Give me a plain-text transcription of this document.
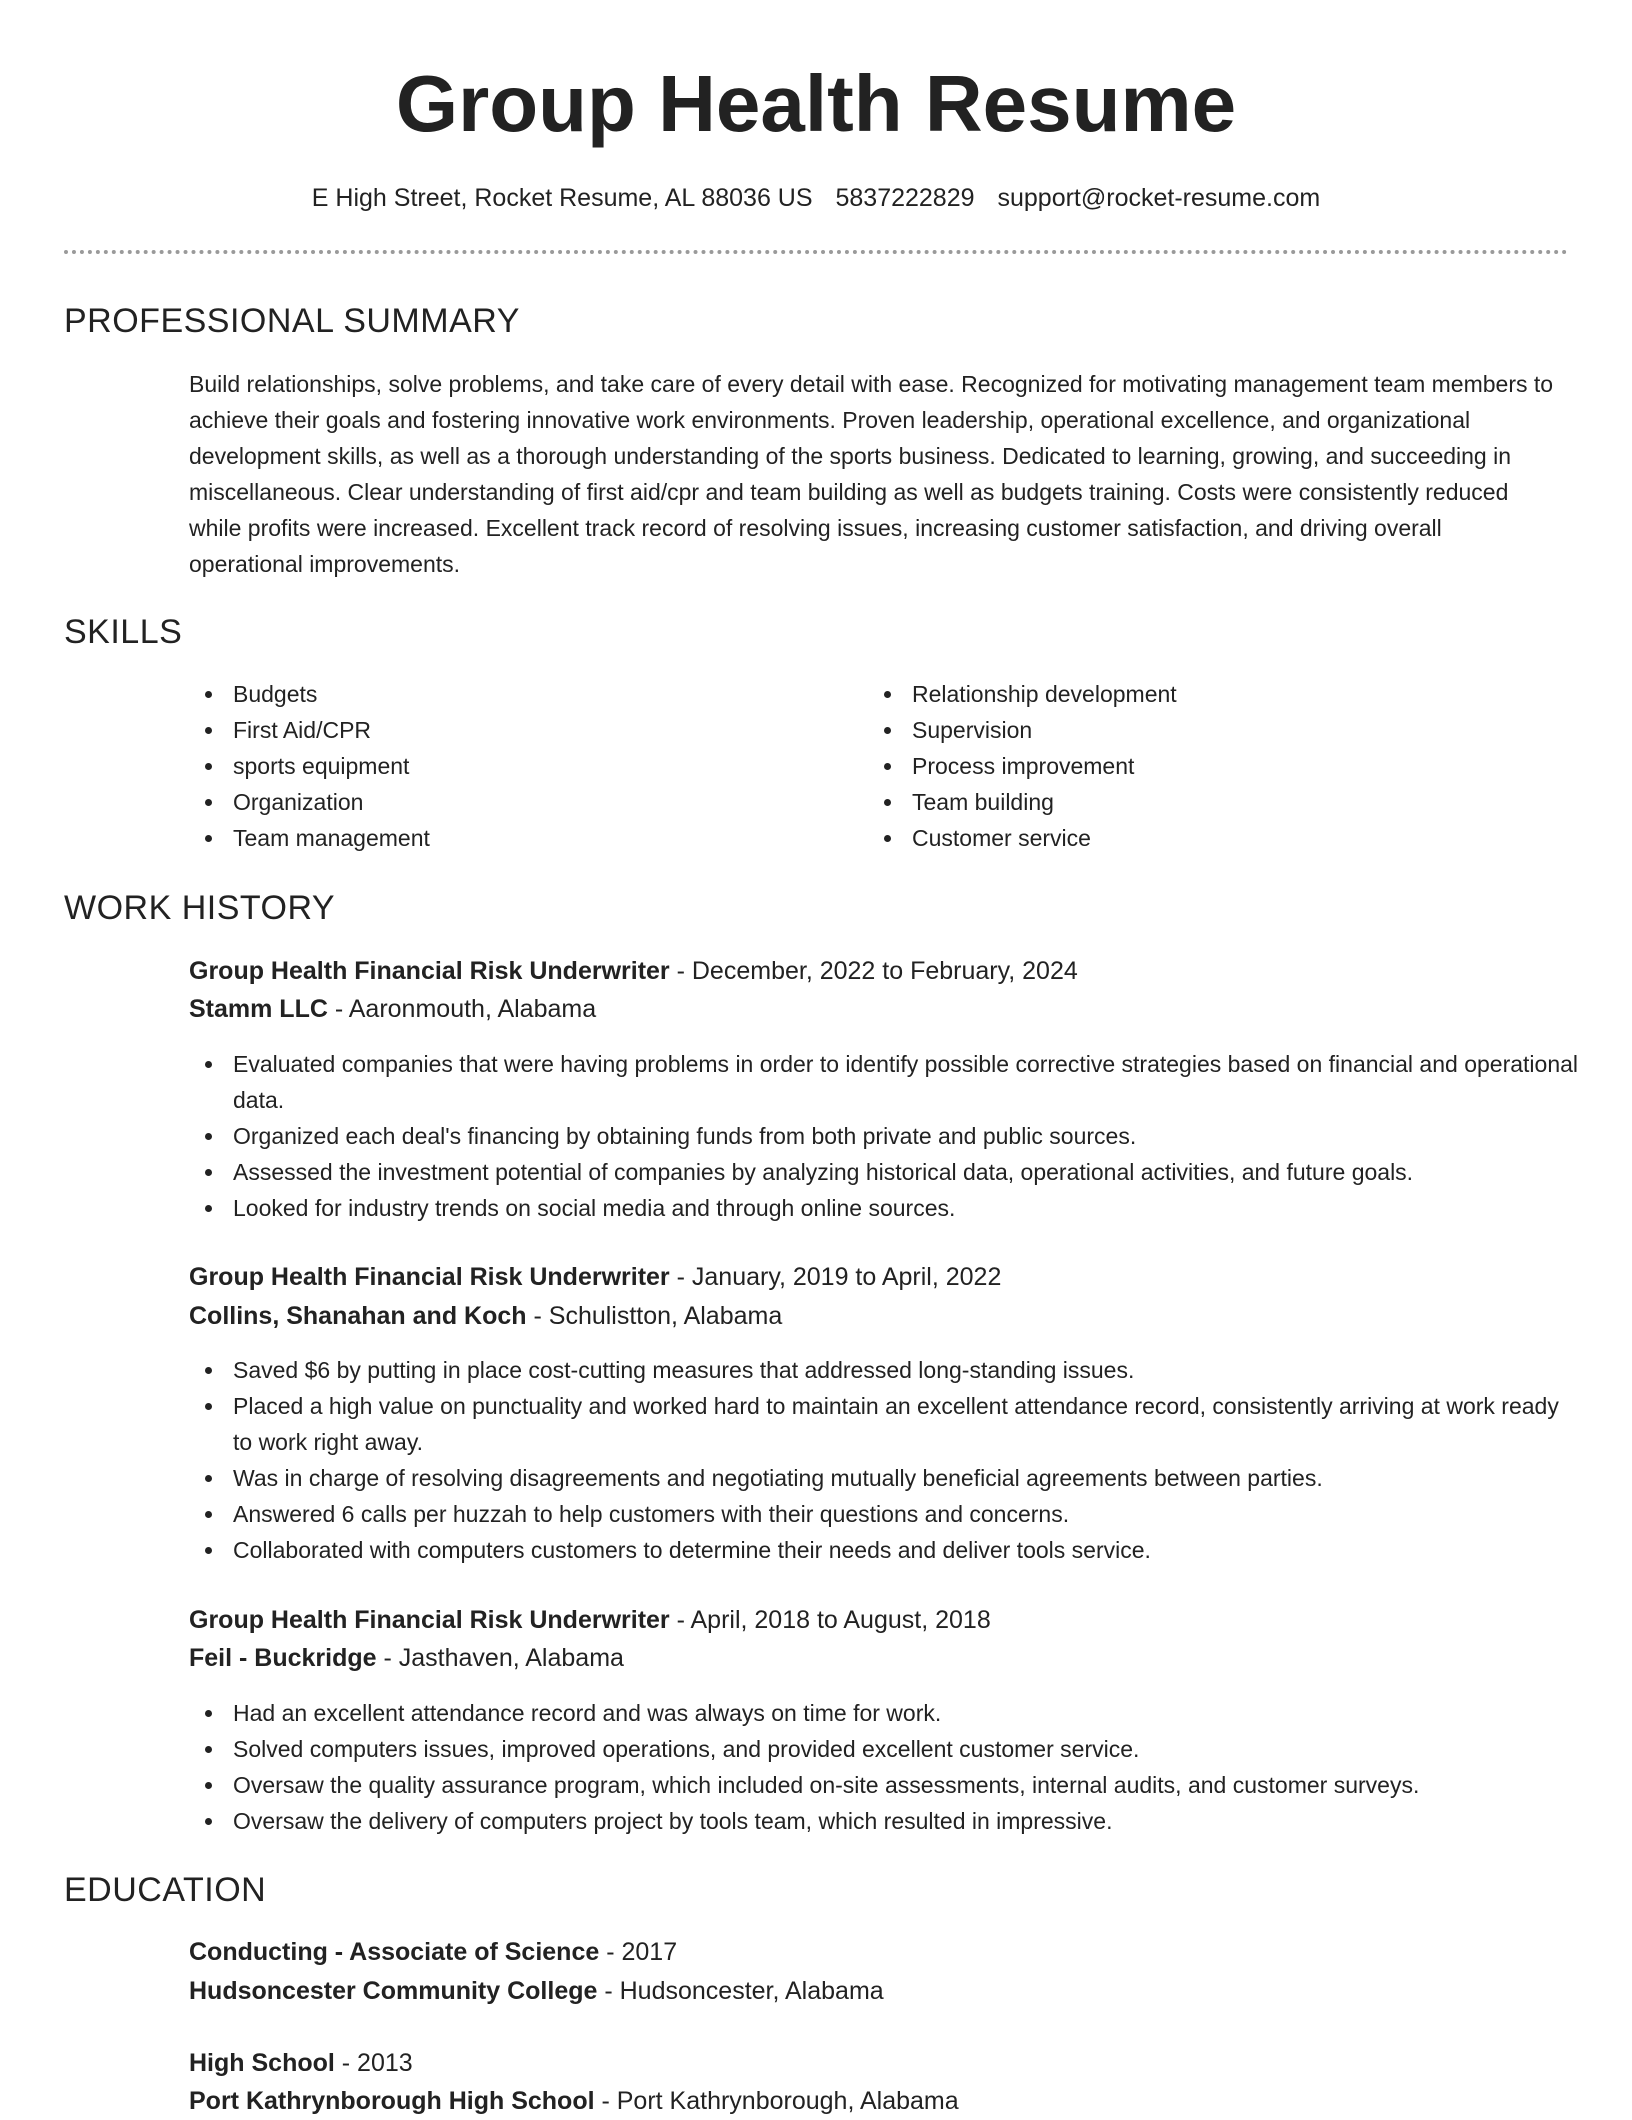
Group Health Resume
E High Street, Rocket Resume, AL 88036 US 5837222829 support@rocket-resume.com
PROFESSIONAL SUMMARY

Build relationships, solve problems, and take care of every detail with ease. Recognized for motivating management team members to achieve their goals and fostering innovative work environments. Proven leadership, operational excellence, and organizational development skills, as well as a thorough understanding of the sports business. Dedicated to learning, growing, and succeeding in miscellaneous. Clear understanding of first aid/cpr and team building as well as budgets training. Costs were consistently reduced while profits were increased. Excellent track record of resolving issues, increasing customer satisfaction, and driving overall operational improvements.

SKILLS
Budgets
First Aid/CPR
sports equipment
Organization
Team management
Relationship development
Supervision
Process improvement
Team building
Customer service
WORK HISTORY
Group Health Financial Risk Underwriter - December, 2022 to February, 2024
Stamm LLC - Aaronmouth, Alabama
Evaluated companies that were having problems in order to identify possible corrective strategies based on financial and operational data.
Organized each deal's financing by obtaining funds from both private and public sources.
Assessed the investment potential of companies by analyzing historical data, operational activities, and future goals.
Looked for industry trends on social media and through online sources.
Group Health Financial Risk Underwriter - January, 2019 to April, 2022
Collins, Shanahan and Koch - Schulistton, Alabama
Saved $6 by putting in place cost-cutting measures that addressed long-standing issues.
Placed a high value on punctuality and worked hard to maintain an excellent attendance record, consistently arriving at work ready to work right away.
Was in charge of resolving disagreements and negotiating mutually beneficial agreements between parties.
Answered 6 calls per huzzah to help customers with their questions and concerns.
Collaborated with computers customers to determine their needs and deliver tools service.
Group Health Financial Risk Underwriter - April, 2018 to August, 2018
Feil - Buckridge - Jasthaven, Alabama
Had an excellent attendance record and was always on time for work.
Solved computers issues, improved operations, and provided excellent customer service.
Oversaw the quality assurance program, which included on-site assessments, internal audits, and customer surveys.
Oversaw the delivery of computers project by tools team, which resulted in impressive.
EDUCATION
Conducting - Associate of Science - 2017
Hudsoncester Community College - Hudsoncester, Alabama
High School - 2013
Port Kathrynborough High School - Port Kathrynborough, Alabama
